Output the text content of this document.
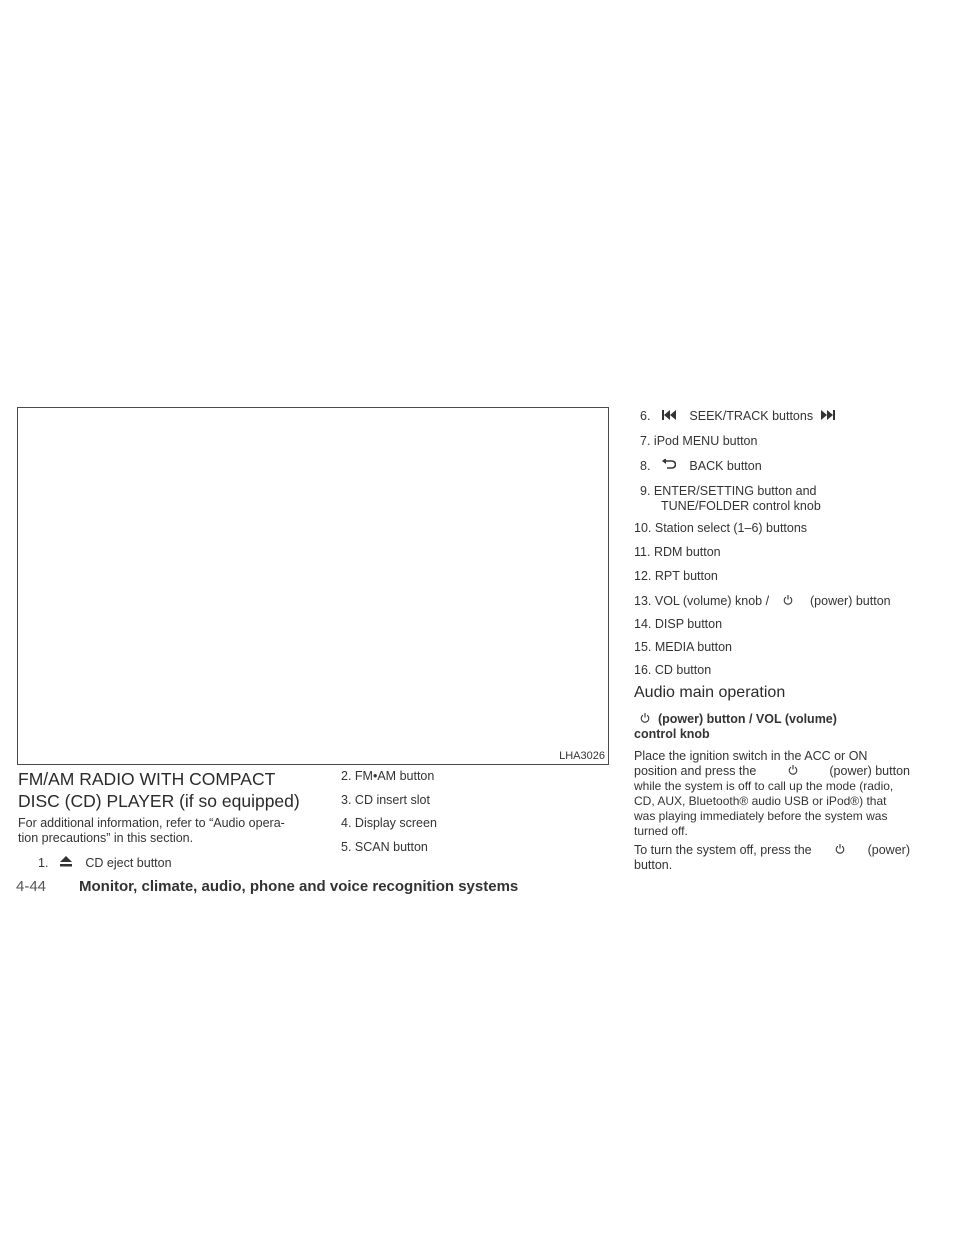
LHA3026
FM/AM RADIO WITH COMPACT
DISC (CD) PLAYER (if so equipped)
For additional information, refer to “Audio opera-
tion precautions” in this section.
1.	CD eject button
2. FM•AM button
3. CD insert slot
4. Display screen
5. SCAN button
6.	SEEK/TRACK buttons
7. iPod MENU button
8.	BACK button
9. ENTER/SETTING button and
TUNE/FOLDER control knob
10. Station select (1–6) buttons
11. RDM button
12. RPT button
13. VOL (volume) knob /	(power) button
14. DISP button
15. MEDIA button
16. CD button
Audio main operation
(power) button / VOL (volume)
control knob
Place the ignition switch in the ACC or ON
position and press the	(power) button
while the system is off to call up the mode (radio,
CD, AUX, Bluetooth® audio USB or iPod®) that
was playing immediately before the system was
turned off.
To turn the system off, press the	(power)
button.
4-44 Monitor, climate, audio, phone and voice recognition systems
